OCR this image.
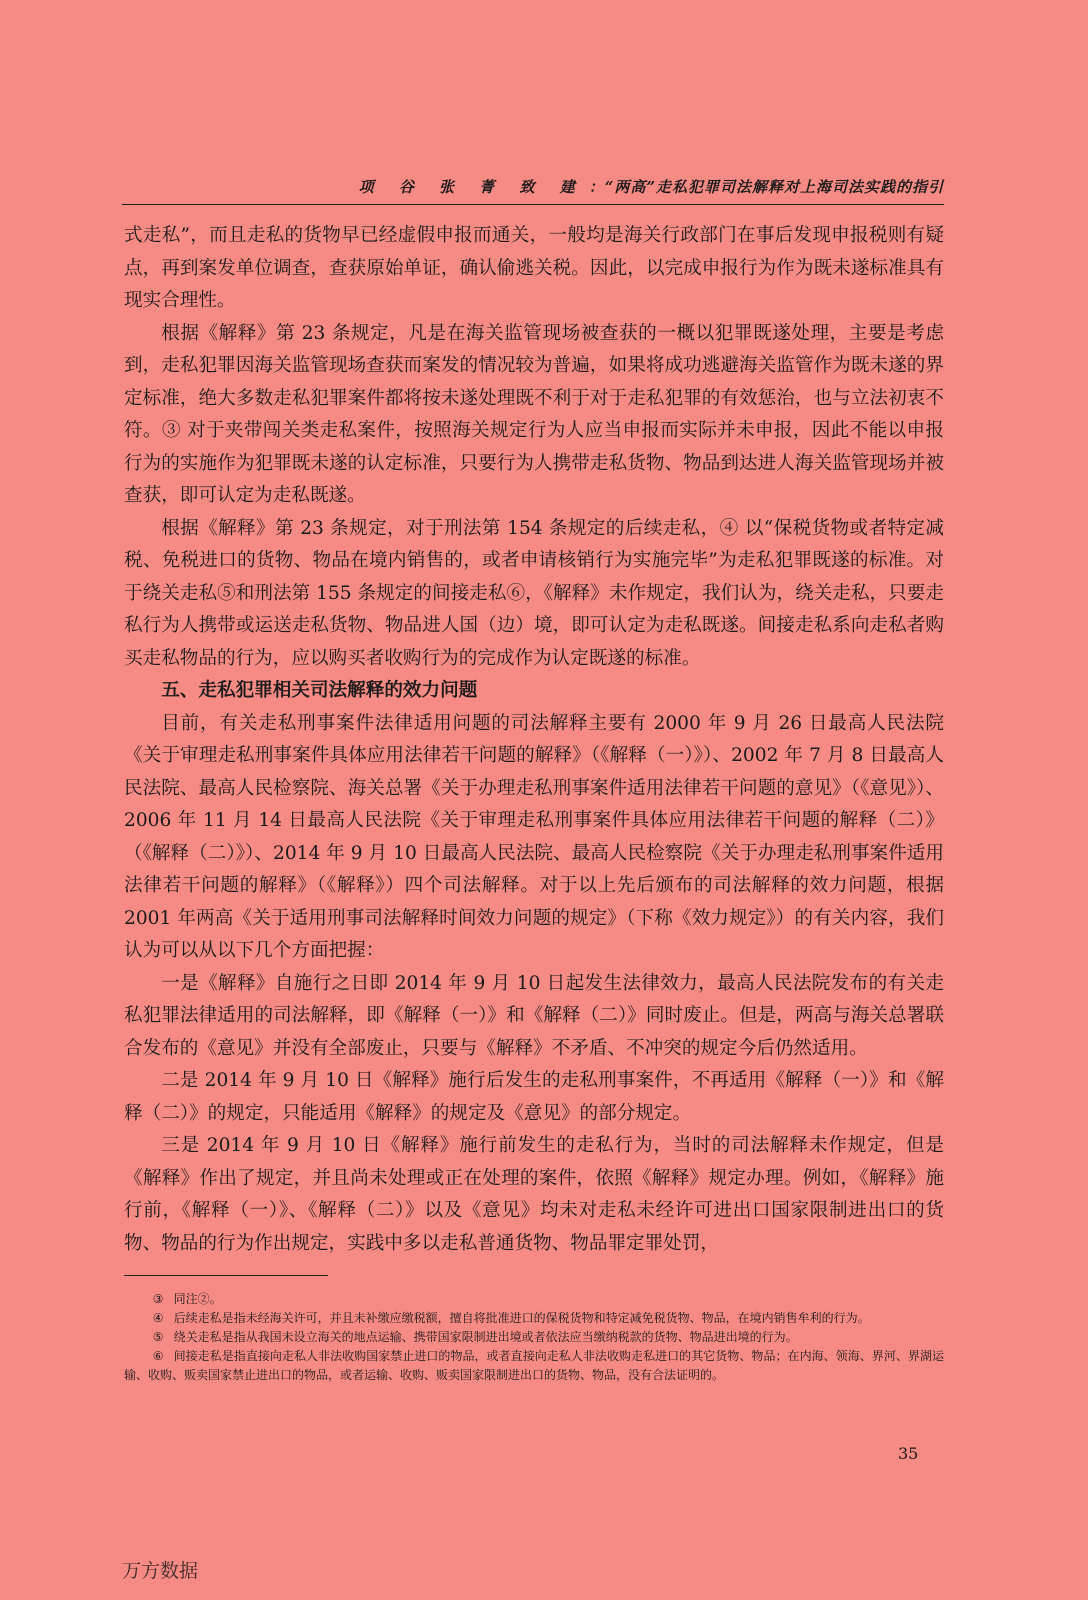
项 谷 张 菁 致 建 ：“两高”走私犯罪司法解释对上海司法实践的指引

式走私”，而且走私的货物早已经虚假申报而通关，一般均是海关行政部门在事后发现申报税则有疑点，再到案发单位调查，查获原始单证，确认偷逃关税。因此，以完成申报行为作为既未遂标准具有现实合理性。

根据《解释》第 23 条规定，凡是在海关监管现场被查获的一概以犯罪既遂处理，主要是考虑到，走私犯罪因海关监管现场查获而案发的情况较为普遍，如果将成功逃避海关监管作为既未遂的界定标准，绝大多数走私犯罪案件都将按未遂处理既不利于对于走私犯罪的有效惩治，也与立法初衷不符。③ 对于夹带闯关类走私案件，按照海关规定行为人应当申报而实际并未申报，因此不能以申报行为的实施作为犯罪既未遂的认定标准，只要行为人携带走私货物、物品到达进人海关监管现场并被查获，即可认定为走私既遂。

根据《解释》第 23 条规定，对于刑法第 154 条规定的后续走私，④ 以“保税货物或者特定减税、免税进口的货物、物品在境内销售的，或者申请核销行为实施完毕”为走私犯罪既遂的标准。对于绕关走私⑤和刑法第 155 条规定的间接走私⑥，《解释》未作规定，我们认为，绕关走私，只要走私行为人携带或运送走私货物、物品进人国（边）境，即可认定为走私既遂。间接走私系向走私者购买走私物品的行为，应以购买者收购行为的完成作为认定既遂的标准。

五、走私犯罪相关司法解释的效力问题

目前，有关走私刑事案件法律适用问题的司法解释主要有 2000 年 9 月 26 日最高人民法院《关于审理走私刑事案件具体应用法律若干问题的解释》（《解释（一）》）、2002 年 7 月 8 日最高人民法院、最高人民检察院、海关总署《关于办理走私刑事案件适用法律若干问题的意见》（《意见》）、2006 年 11 月 14 日最高人民法院《关于审理走私刑事案件具体应用法律若干问题的解释（二）》（《解释（二）》）、2014 年 9 月 10 日最高人民法院、最高人民检察院《关于办理走私刑事案件适用法律若干问题的解释》（《解释》）四个司法解释。对于以上先后颁布的司法解释的效力问题，根据 2001 年两高《关于适用刑事司法解释时间效力问题的规定》（下称《效力规定》）的有关内容，我们认为可以从以下几个方面把握：

一是《解释》自施行之日即 2014 年 9 月 10 日起发生法律效力，最高人民法院发布的有关走私犯罪法律适用的司法解释，即《解释（一）》和《解释（二）》同时废止。但是，两高与海关总署联合发布的《意见》并没有全部废止，只要与《解释》不矛盾、不冲突的规定今后仍然适用。

二是 2014 年 9 月 10 日《解释》施行后发生的走私刑事案件，不再适用《解释（一）》和《解释（二）》的规定，只能适用《解释》的规定及《意见》的部分规定。

三是 2014 年 9 月 10 日《解释》施行前发生的走私行为，当时的司法解释未作规定，但是《解释》作出了规定，并且尚未处理或正在处理的案件，依照《解释》规定办理。例如，《解释》施行前，《解释（一）》、《解释（二）》以及《意见》均未对走私未经许可进出口国家限制进出口的货物、物品的行为作出规定，实践中多以走私普通货物、物品罪定罪处罚，

③ 同注②。

④ 后续走私是指未经海关许可，并且未补缴应缴税额，擅自将批准进口的保税货物和特定减免税货物、物品，在境内销售牟利的行为。

⑤ 绕关走私是指从我国未设立海关的地点运输、携带国家限制进出境或者依法应当缴纳税款的货物、物品进出境的行为。

⑥ 间接走私是指直接向走私人非法收购国家禁止进口的物品，或者直接向走私人非法收购走私进口的其它货物、物品；在内海、领海、界河、界湖运输、收购、贩卖国家禁止进出口的物品，或者运输、收购、贩卖国家限制进出口的货物、物品，没有合法证明的。

35
万方数据
